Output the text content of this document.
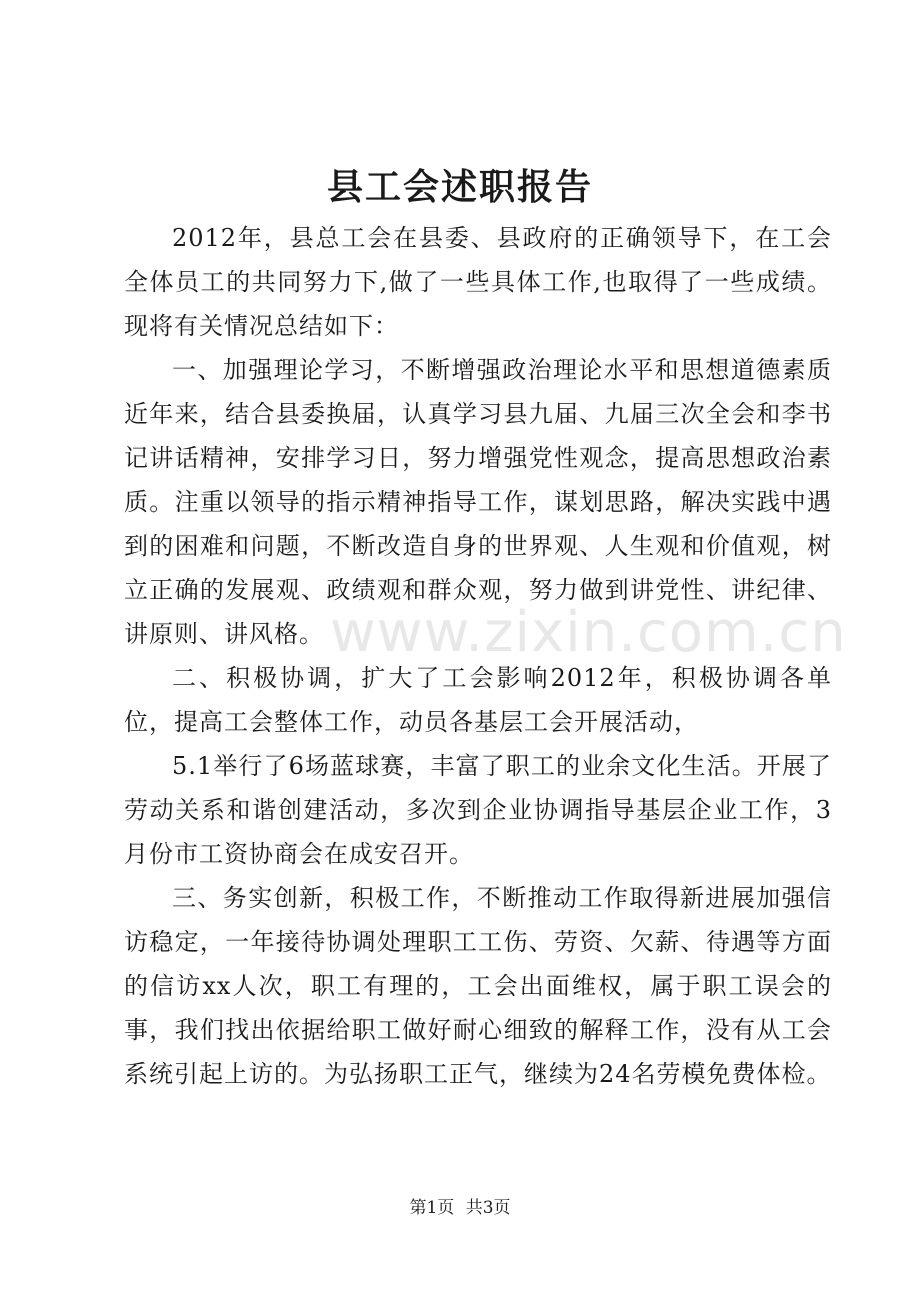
县工会述职报告

2012年，县总工会在县委、县政府的正确领导下，在工会全体员工的共同努力下,做了一些具体工作,也取得了一些成绩。现将有关情况总结如下：

一、加强理论学习，不断增强政治理论水平和思想道德素质近年来，结合县委换届，认真学习县九届、九届三次全会和李书记讲话精神，安排学习日，努力增强党性观念，提高思想政治素质。注重以领导的指示精神指导工作，谋划思路，解决实践中遇到的困难和问题，不断改造自身的世界观、人生观和价值观，树立正确的发展观、政绩观和群众观，努力做到讲党性、讲纪律、讲原则、讲风格。

二、积极协调，扩大了工会影响2012年，积极协调各单位，提高工会整体工作，动员各基层工会开展活动，

5.1举行了6场蓝球赛，丰富了职工的业余文化生活。开展了劳动关系和谐创建活动，多次到企业协调指导基层企业工作，3月份市工资协商会在成安召开。

三、务实创新，积极工作，不断推动工作取得新进展加强信访稳定，一年接待协调处理职工工伤、劳资、欠薪、待遇等方面的信访xx人次，职工有理的，工会出面维权，属于职工误会的事，我们找出依据给职工做好耐心细致的解释工作，没有从工会系统引起上访的。为弘扬职工正气，继续为24名劳模免费体检。

www.zixin.com.cn
第1页 共3页
